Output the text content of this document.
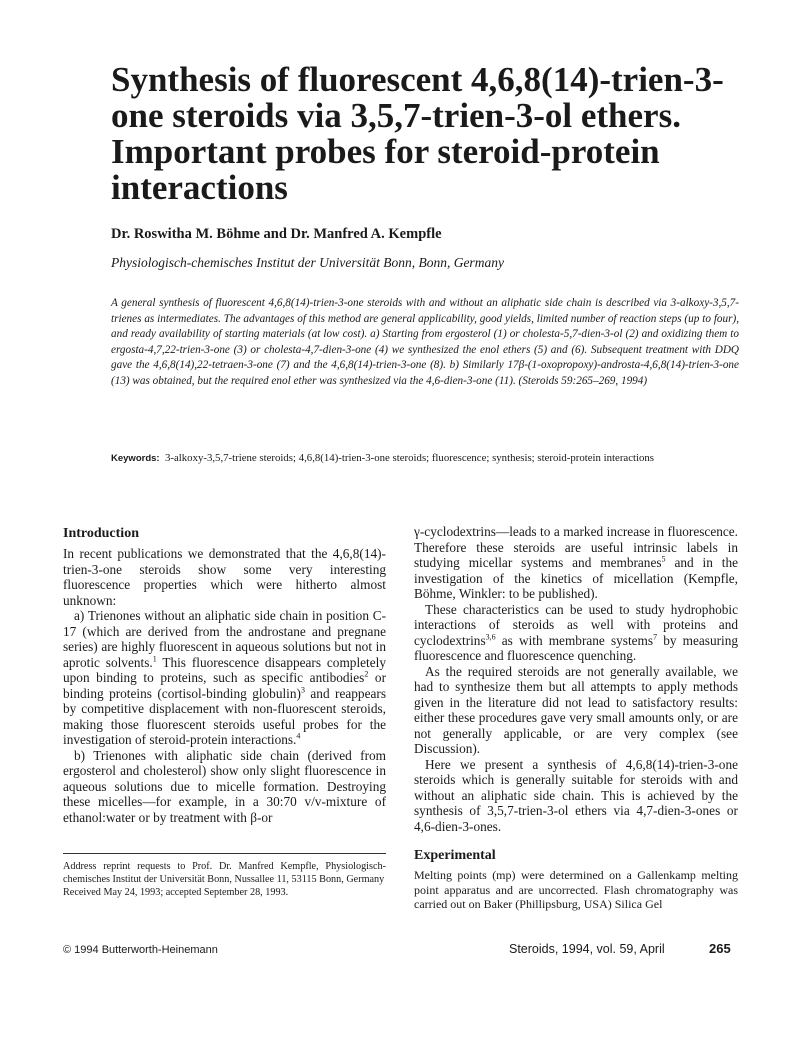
Synthesis of fluorescent 4,6,8(14)-trien-3-one steroids via 3,5,7-trien-3-ol ethers. Important probes for steroid-protein interactions
Dr. Roswitha M. Böhme and Dr. Manfred A. Kempfle
Physiologisch-chemisches Institut der Universität Bonn, Bonn, Germany

A general synthesis of fluorescent 4,6,8(14)-trien-3-one steroids with and without an aliphatic side chain is described via 3-alkoxy-3,5,7-trienes as intermediates. The advantages of this method are general applicability, good yields, limited number of reaction steps (up to four), and ready availability of starting materials (at low cost). a) Starting from ergosterol (1) or cholesta-5,7-dien-3-ol (2) and oxidizing them to ergosta-4,7,22-trien-3-one (3) or cholesta-4,7-dien-3-one (4) we synthesized the enol ethers (5) and (6). Subsequent treatment with DDQ gave the 4,6,8(14),22-tetraen-3-one (7) and the 4,6,8(14)-trien-3-one (8). b) Similarly 17β-(1-oxopropoxy)-androsta-4,6,8(14)-trien-3-one (13) was obtained, but the required enol ether was synthesized via the 4,6-dien-3-one (11). (Steroids 59:265–269, 1994)

Keywords: 3-alkoxy-3,5,7-triene steroids; 4,6,8(14)-trien-3-one steroids; fluorescence; synthesis; steroid-protein interactions

Introduction

In recent publications we demonstrated that the 4,6,8(14)-trien-3-one steroids show some very interesting fluorescence properties which were hitherto almost unknown:

a) Trienones without an aliphatic side chain in position C-17 (which are derived from the androstane and pregnane series) are highly fluorescent in aqueous solutions but not in aprotic solvents.$^1$ This fluorescence disappears completely upon binding to proteins, such as specific antibodies$^2$ or binding proteins (cortisol-binding globulin)$^3$ and reappears by competitive displacement with non-fluorescent steroids, making those fluorescent steroids useful probes for the investigation of steroid-protein interactions.$^4$

b) Trienones with aliphatic side chain (derived from ergosterol and cholesterol) show only slight fluorescence in aqueous solutions due to micelle formation. Destroying these micelles—for example, in a 30:70 v/v-mixture of ethanol:water or by treatment with β-or

γ-cyclodextrins—leads to a marked increase in fluorescence. Therefore these steroids are useful intrinsic labels in studying micellar systems and membranes$^5$ and in the investigation of the kinetics of micellation (Kempfle, Böhme, Winkler: to be published).

These characteristics can be used to study hydrophobic interactions of steroids as well with proteins and cyclodextrins$^{3,6}$ as with membrane systems$^7$ by measuring fluorescence and fluorescence quenching.

As the required steroids are not generally available, we had to synthesize them but all attempts to apply methods given in the literature did not lead to satisfactory results: either these procedures gave very small amounts only, or are not generally applicable, or are very complex (see Discussion).

Here we present a synthesis of 4,6,8(14)-trien-3-one steroids which is generally suitable for steroids with and without an aliphatic side chain. This is achieved by the synthesis of 3,5,7-trien-3-ol ethers via 4,7-dien-3-ones or 4,6-dien-3-ones.

Address reprint requests to Prof. Dr. Manfred Kempfle, Physiologisch-chemisches Institut der Universität Bonn, Nussallee 11, 53115 Bonn, Germany

Received May 24, 1993; accepted September 28, 1993.

Experimental

Melting points (mp) were determined on a Gallenkamp melting point apparatus and are uncorrected. Flash chromatography was carried out on Baker (Phillipsburg, USA) Silica Gel

© 1994 Butterworth-Heinemann	Steroids, 1994, vol. 59, April	265
